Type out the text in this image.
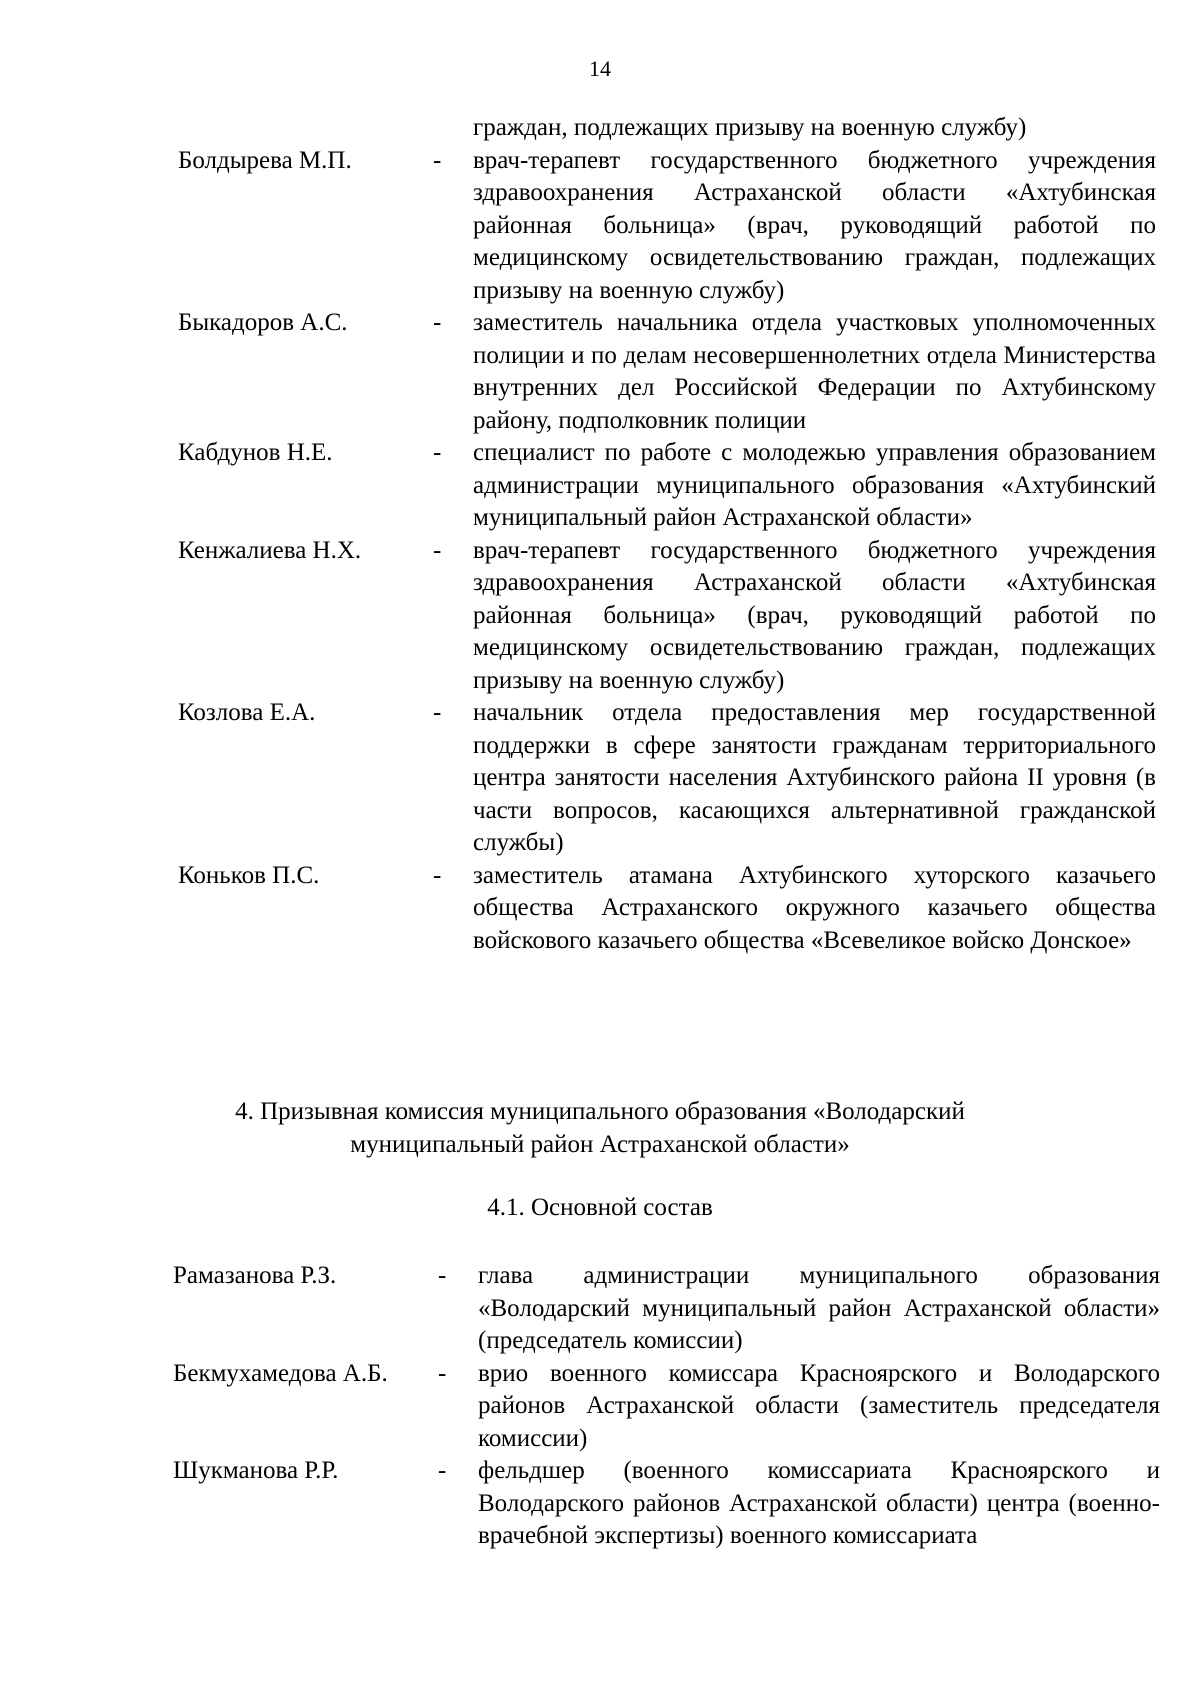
14
граждан, подлежащих призыву на военную службу)
Болдырева М.П.	- врач-терапевт государственного бюджетного учреждения здравоохранения Астраханской области «Ахтубинская районная больница» (врач, руководящий работой по медицинскому освидетельствованию граждан, подлежащих призыву на военную службу)
Быкадоров А.С.	- заместитель начальника отдела участковых уполномоченных полиции и по делам несовершеннолетних отдела Министерства внутренних дел Российской Федерации по Ахтубинскому району, подполковник полиции
Кабдунов Н.Е.	- специалист по работе с молодежью управления образованием администрации муниципального образования «Ахтубинский муниципальный район Астраханской области»
Кенжалиева Н.Х.	- врач-терапевт государственного бюджетного учреждения здравоохранения Астраханской области «Ахтубинская районная больница» (врач, руководящий работой по медицинскому освидетельствованию граждан, подлежащих призыву на военную службу)
Козлова Е.А.	- начальник отдела предоставления мер государственной поддержки в сфере занятости гражданам территориального центра занятости населения Ахтубинского района II уровня (в части вопросов, касающихся альтернативной гражданской службы)
Коньков П.С.	- заместитель атамана Ахтубинского хуторского казачьего общества Астраханского окружного казачьего общества войскового казачьего общества «Всевеликое войско Донское»
4. Призывная комиссия муниципального образования «Володарский
муниципальный район Астраханской области»
4.1. Основной состав
Рамазанова Р.З.	- глава администрации муниципального образования «Володарский муниципальный район Астраханской области» (председатель комиссии)
Бекмухамедова А.Б. - врио военного комиссара Красноярского и Володарского районов Астраханской области (заместитель председателя комиссии)
Шукманова Р.Р.	- фельдшер (военного комиссариата Красноярского и Володарского районов Астраханской области) центра (военно-врачебной экспертизы) военного комиссариата
